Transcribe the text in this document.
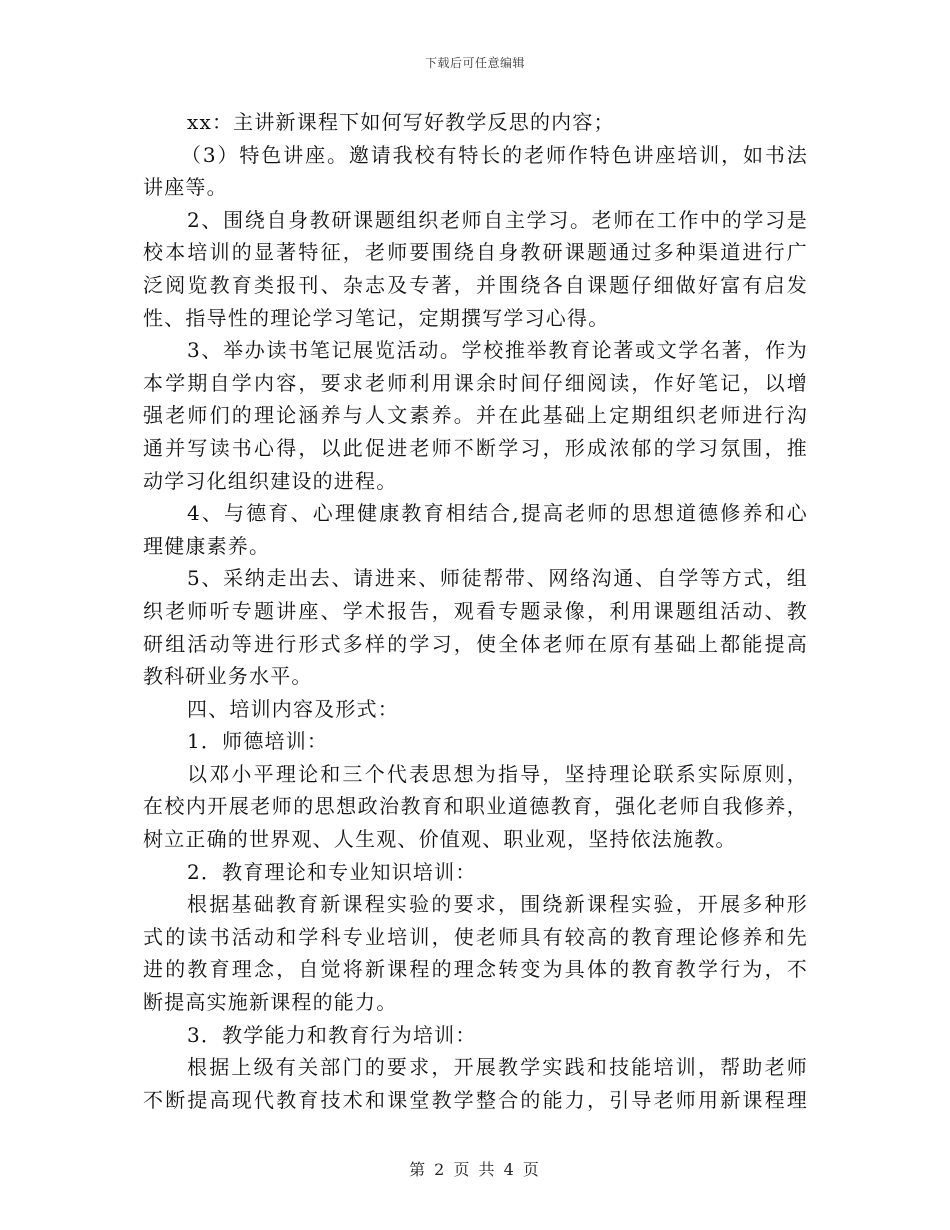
下载后可任意编辑
xx：主讲新课程下如何写好教学反思的内容；
（3）特色讲座。邀请我校有特长的老师作特色讲座培训，如书法
讲座等。
2、围绕自身教研课题组织老师自主学习。老师在工作中的学习是
校本培训的显著特征，老师要围绕自身教研课题通过多种渠道进行广
泛阅览教育类报刊、杂志及专著，并围绕各自课题仔细做好富有启发
性、指导性的理论学习笔记，定期撰写学习心得。
3、举办读书笔记展览活动。学校推举教育论著或文学名著，作为
本学期自学内容，要求老师利用课余时间仔细阅读，作好笔记，以增
强老师们的理论涵养与人文素养。并在此基础上定期组织老师进行沟
通并写读书心得，以此促进老师不断学习，形成浓郁的学习氛围，推
动学习化组织建设的进程。
4、与德育、心理健康教育相结合,提高老师的思想道德修养和心
理健康素养。
5、采纳走出去、请进来、师徒帮带、网络沟通、自学等方式，组
织老师听专题讲座、学术报告，观看专题录像，利用课题组活动、教
研组活动等进行形式多样的学习，使全体老师在原有基础上都能提高
教科研业务水平。
四、培训内容及形式：
1．师德培训：
以邓小平理论和三个代表思想为指导，坚持理论联系实际原则，
在校内开展老师的思想政治教育和职业道德教育，强化老师自我修养，
树立正确的世界观、人生观、价值观、职业观，坚持依法施教。
2．教育理论和专业知识培训：
根据基础教育新课程实验的要求，围绕新课程实验，开展多种形
式的读书活动和学科专业培训，使老师具有较高的教育理论修养和先
进的教育理念，自觉将新课程的理念转变为具体的教育教学行为，不
断提高实施新课程的能力。
3．教学能力和教育行为培训：
根据上级有关部门的要求，开展教学实践和技能培训，帮助老师
不断提高现代教育技术和课堂教学整合的能力，引导老师用新课程理
第 2 页 共 4 页
